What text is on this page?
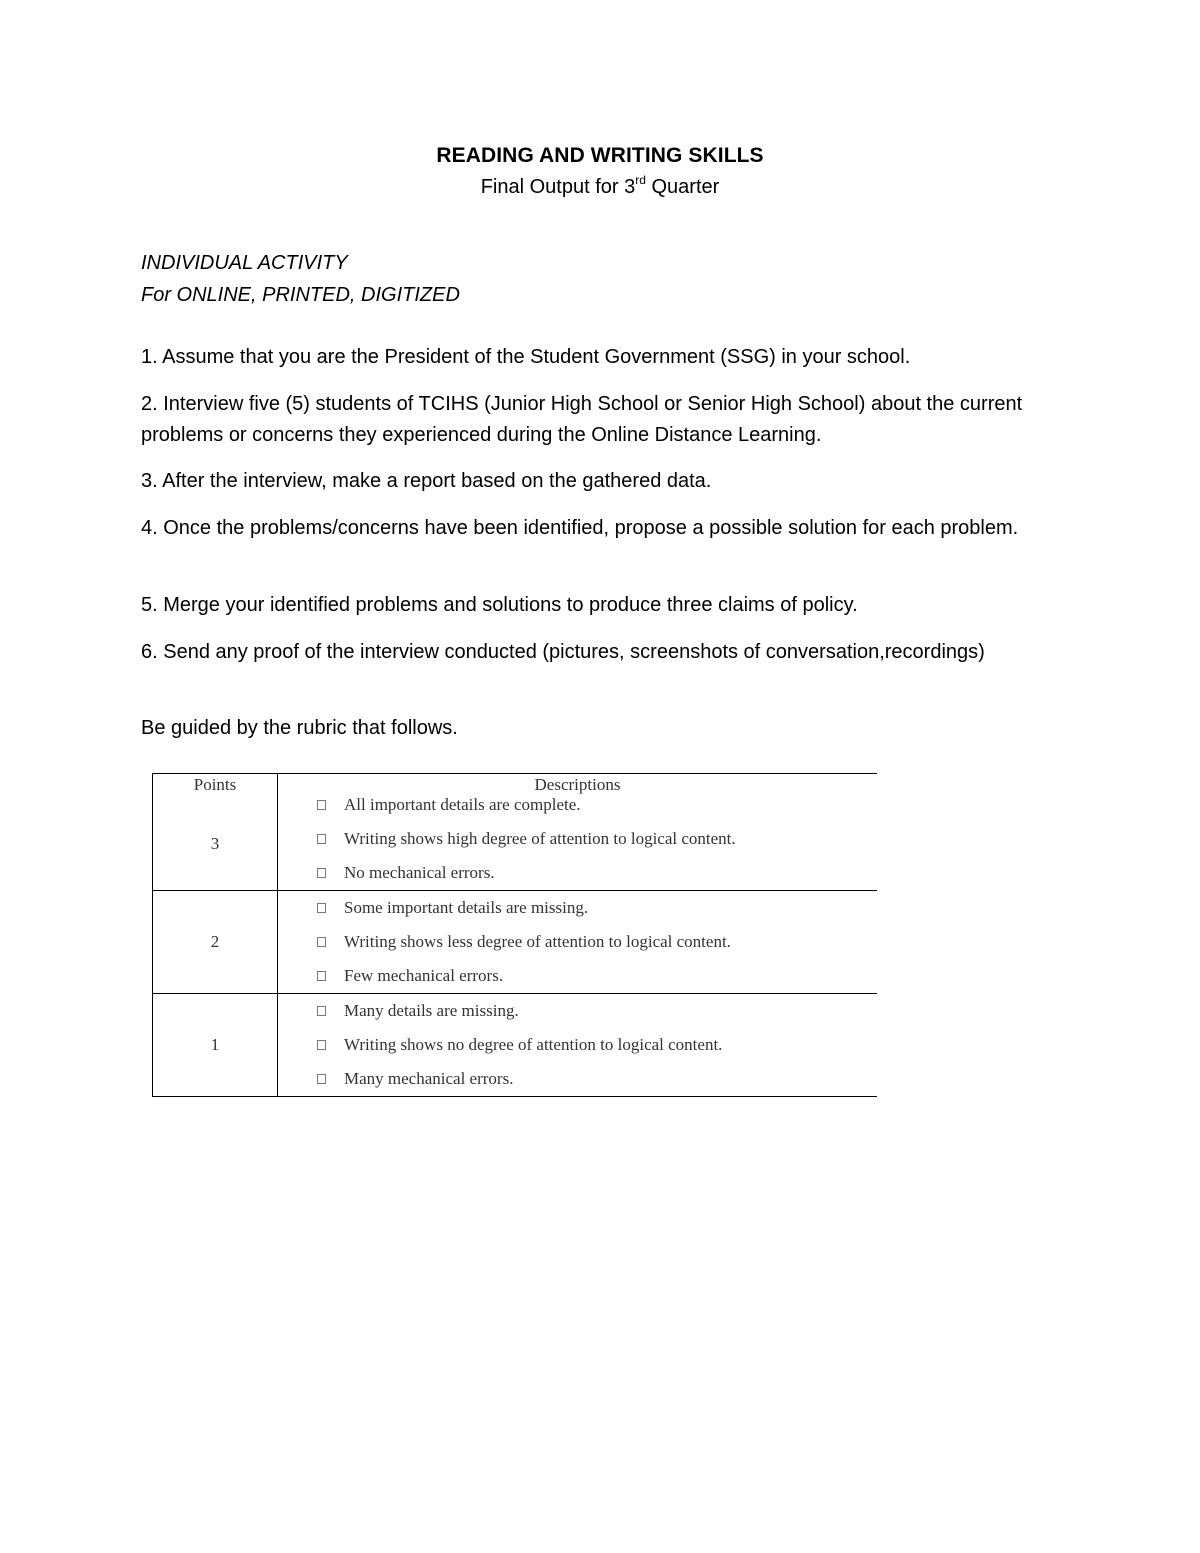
READING AND WRITING SKILLS
Final Output for 3rd Quarter
INDIVIDUAL ACTIVITY
For ONLINE, PRINTED, DIGITIZED
1. Assume that you are the President of the Student Government (SSG) in your school.
2. Interview five (5) students of TCIHS (Junior High School or Senior High School) about the current problems or concerns they experienced during the Online Distance Learning.
3. After the interview, make a report based on the gathered data.
4. Once the problems/concerns have been identified, propose a possible solution for each problem.
5. Merge your identified problems and solutions to produce three claims of policy.
6. Send any proof of the interview conducted (pictures, screenshots of conversation,recordings)
Be guided by the rubric that follows.
Points	Descriptions
3	All important details are complete.
Writing shows high degree of attention to logical content.
No mechanical errors.

2	Some important details are missing.
Writing shows less degree of attention to logical content.
Few mechanical errors.

1	Many details are missing.
Writing shows no degree of attention to logical content.
Many mechanical errors.
